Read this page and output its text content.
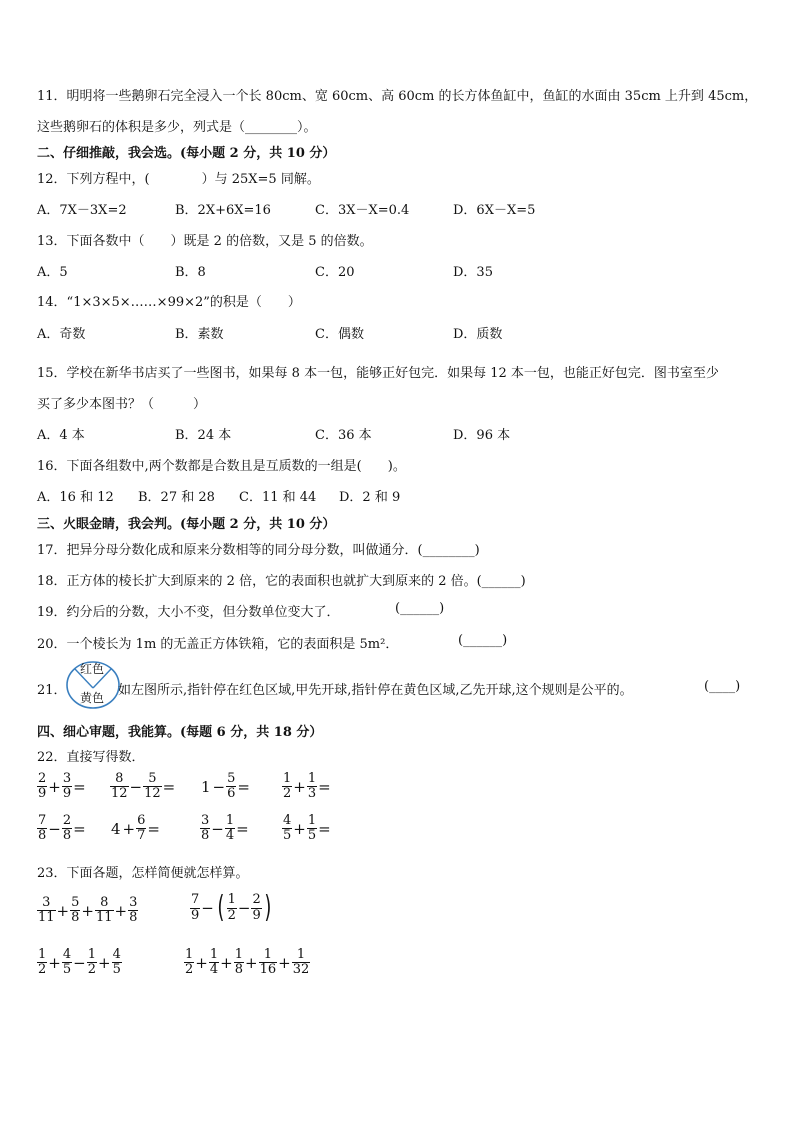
11．明明将一些鹅卵石完全浸入一个长 80cm、宽 60cm、高 60cm 的长方体鱼缸中，鱼缸的水面由 35cm 上升到 45cm，
这些鹅卵石的体积是多少，列式是（________）。
二、仔细推敲，我会选。(每小题 2 分，共 10 分）
12．下列方程中，(　　　　）与 25X=5 同解。
A．7X－3X=2	B．2X+6X=16	C．3X－X=0.4	D．6X－X=5
13．下面各数中（　　）既是 2 的倍数，又是 5 的倍数。
A．5	B．8	C．20	D．35
14．“1×3×5×……×99×2”的积是（　　）
A．奇数	B．素数	C．偶数	D．质数
15．学校在新华书店买了一些图书，如果每 8 本一包，能够正好包完．如果每 12 本一包，也能正好包完．图书室至少
买了多少本图书？（　　　）
A．4 本	B．24 本	C．36 本	D．96 本
16．下面各组数中,两个数都是合数且是互质数的一组是(　　)。
A．16 和 12 B．27 和 28 C．11 和 44 D．2 和 9
三、火眼金睛，我会判。(每小题 2 分，共 10 分）
17．把异分母分数化成和原来分数相等的同分母分数，叫做通分．(________)
18．正方体的棱长扩大到原来的 2 倍，它的表面积也就扩大到原来的 2 倍。(______)
19．约分后的分数，大小不变，但分数单位变大了．	(______)
20．一个棱长为 1m 的无盖正方体铁箱，它的表面积是 5m²．	(______)
21．
红色
黄色 如左图所示,指针停在红色区域,甲先开球,指针停在黄色区域,乙先开球,这个规则是公平的。	(____)
四、细心审题，我能算。(每题 6 分，共 18 分）
22．直接写得数．
$\frac{2}{9} + \frac{3}{9} = \frac{8}{12} - \frac{5}{12} = 1 - \frac{5}{6} = \frac{1}{2} + \frac{1}{3}$ =
$\frac{7}{8} - \frac{2}{8} = 4 + \frac{6}{7}$ =	$\frac{3}{8} - \frac{1}{4}$ =	$\frac{4}{5} + \frac{1}{5}$ =
23．下面各题，怎样简便就怎样算。
$\frac{3}{11} + \frac{5}{8} + \frac{8}{11} + \frac{3}{8}$	$\frac{7}{9}$ − ( $\frac{1}{2} - \frac{2}{9}$ )
$\frac{1}{2} + \frac{4}{5} - \frac{1}{2} + \frac{4}{5}$	$\frac{1}{2} + \frac{1}{4} + \frac{1}{8} + \frac{1}{16} + \frac{1}{32}$
